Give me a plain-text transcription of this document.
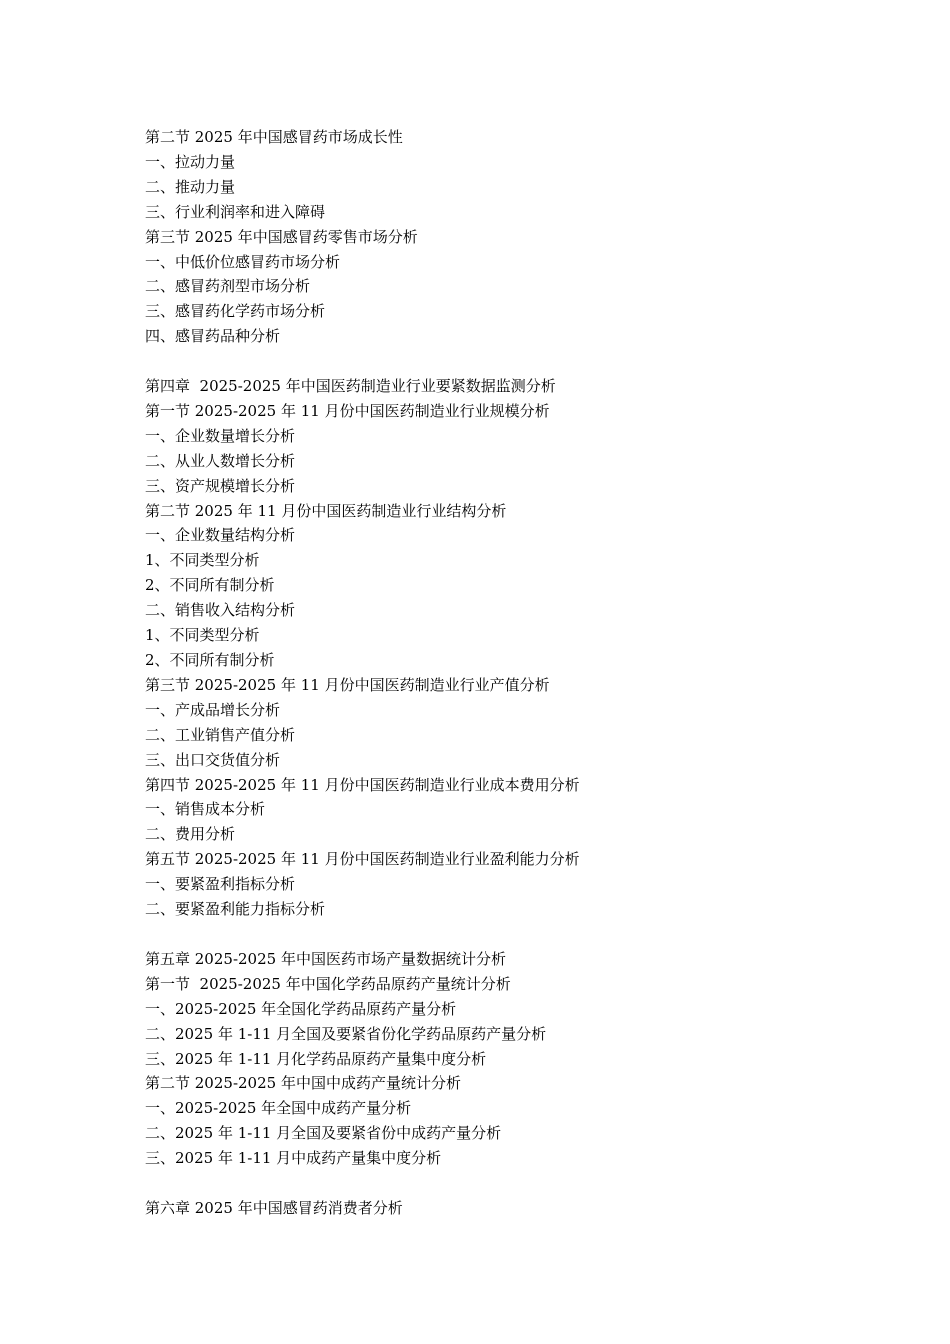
第二节 2025 年中国感冒药市场成长性

一、拉动力量

二、推动力量

三、行业利润率和进入障碍

第三节 2025 年中国感冒药零售市场分析

一、中低价位感冒药市场分析

二、感冒药剂型市场分析

三、感冒药化学药市场分析

四、感冒药品种分析

第四章  2025-2025 年中国医药制造业行业要紧数据监测分析

第一节 2025-2025 年 11 月份中国医药制造业行业规模分析

一、企业数量增长分析

二、从业人数增长分析

三、资产规模增长分析

第二节 2025 年 11 月份中国医药制造业行业结构分析

一、企业数量结构分析

1、不同类型分析

2、不同所有制分析

二、销售收入结构分析

1、不同类型分析

2、不同所有制分析

第三节 2025-2025 年 11 月份中国医药制造业行业产值分析

一、产成品增长分析

二、工业销售产值分析

三、出口交货值分析

第四节 2025-2025 年 11 月份中国医药制造业行业成本费用分析

一、销售成本分析

二、费用分析

第五节 2025-2025 年 11 月份中国医药制造业行业盈利能力分析

一、要紧盈利指标分析

二、要紧盈利能力指标分析

第五章 2025-2025 年中国医药市场产量数据统计分析

第一节  2025-2025 年中国化学药品原药产量统计分析

一、2025-2025 年全国化学药品原药产量分析

二、2025 年 1-11 月全国及要紧省份化学药品原药产量分析

三、2025 年 1-11 月化学药品原药产量集中度分析

第二节 2025-2025 年中国中成药产量统计分析

一、2025-2025 年全国中成药产量分析

二、2025 年 1-11 月全国及要紧省份中成药产量分析

三、2025 年 1-11 月中成药产量集中度分析

第六章 2025 年中国感冒药消费者分析
